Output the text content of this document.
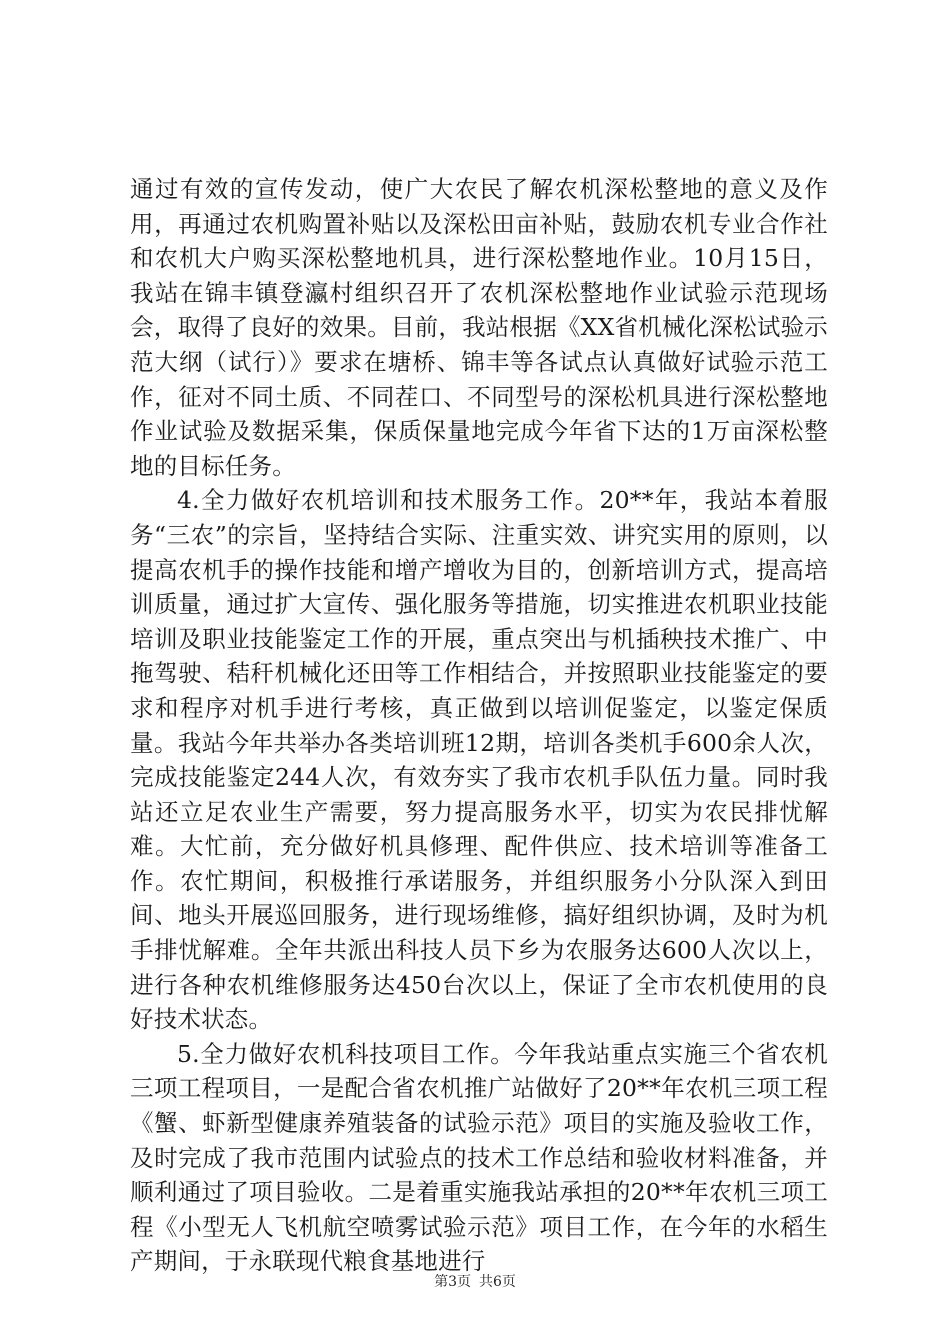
通过有效的宣传发动，使广大农民了解农机深松整地的意义及作用，再通过农机购置补贴以及深松田亩补贴，鼓励农机专业合作社和农机大户购买深松整地机具，进行深松整地作业。10月15日，我站在锦丰镇登瀛村组织召开了农机深松整地作业试验示范现场会，取得了良好的效果。目前，我站根据《XX省机械化深松试验示范大纲（试行）》要求在塘桥、锦丰等各试点认真做好试验示范工作，征对不同土质、不同茬口、不同型号的深松机具进行深松整地作业试验及数据采集，保质保量地完成今年省下达的1万亩深松整地的目标任务。

4.全力做好农机培训和技术服务工作。20**年，我站本着服务“三农”的宗旨，坚持结合实际、注重实效、讲究实用的原则，以提高农机手的操作技能和增产增收为目的，创新培训方式，提高培训质量，通过扩大宣传、强化服务等措施，切实推进农机职业技能培训及职业技能鉴定工作的开展，重点突出与机插秧技术推广、中拖驾驶、秸秆机械化还田等工作相结合，并按照职业技能鉴定的要求和程序对机手进行考核，真正做到以培训促鉴定，以鉴定保质量。我站今年共举办各类培训班12期，培训各类机手600余人次，完成技能鉴定244人次，有效夯实了我市农机手队伍力量。同时我站还立足农业生产需要，努力提高服务水平，切实为农民排忧解难。大忙前，充分做好机具修理、配件供应、技术培训等准备工作。农忙期间，积极推行承诺服务，并组织服务小分队深入到田间、地头开展巡回服务，进行现场维修，搞好组织协调，及时为机手排忧解难。全年共派出科技人员下乡为农服务达600人次以上，进行各种农机维修服务达450台次以上，保证了全市农机使用的良好技术状态。

5.全力做好农机科技项目工作。今年我站重点实施三个省农机三项工程项目，一是配合省农机推广站做好了20**年农机三项工程《蟹、虾新型健康养殖装备的试验示范》项目的实施及验收工作，及时完成了我市范围内试验点的技术工作总结和验收材料准备，并顺利通过了项目验收。二是着重实施我站承担的20**年农机三项工程《小型无人飞机航空喷雾试验示范》项目工作，在今年的水稻生产期间，于永联现代粮食基地进行

第3页 共6页
